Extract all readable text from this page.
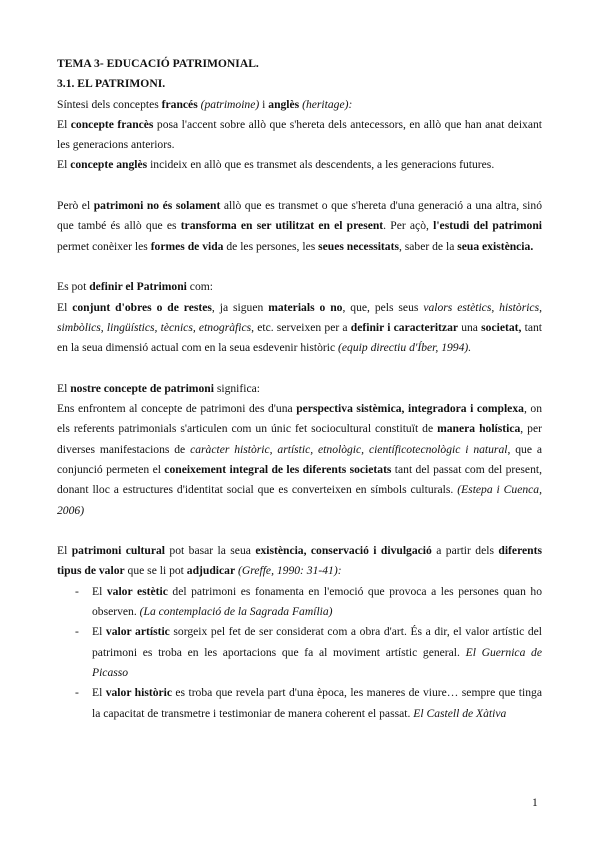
TEMA 3- EDUCACIÓ PATRIMONIAL.

3.1. EL PATRIMONI.

Síntesi dels conceptes francés (patrimoine) i anglès (heritage):

El concepte francès posa l'accent sobre allò que s'hereta dels antecessors, en allò que han anat deixant les generacions anteriors.

El concepte anglès incideix en allò que es transmet als descendents, a les generacions futures.

Però el patrimoni no és solament allò que es transmet o que s'hereta d'una generació a una altra, sinó que també és allò que es transforma en ser utilitzat en el present. Per açò, l'estudi del patrimoni permet conèixer les formes de vida de les persones, les seues necessitats, saber de la seua existència.

Es pot definir el Patrimoni com:

El conjunt d'obres o de restes, ja siguen materials o no, que, pels seus valors estètics, històrics, simbòlics, lingüístics, tècnics, etnogràfics, etc. serveixen per a definir i caracteritzar una societat, tant en la seua dimensió actual com en la seua esdevenir històric (equip directiu d'Íber, 1994).

El nostre concepte de patrimoni significa:

Ens enfrontem al concepte de patrimoni des d'una perspectiva sistèmica, integradora i complexa, on els referents patrimonials s'articulen com un únic fet sociocultural constituït de manera holística, per diverses manifestacions de caràcter històric, artístic, etnològic, científicotecnològic i natural, que a conjunció permeten el coneixement integral de les diferents societats tant del passat com del present, donant lloc a estructures d'identitat social que es converteixen en símbols culturals. (Estepa i Cuenca, 2006)

El patrimoni cultural pot basar la seua existència, conservació i divulgació a partir dels diferents tipus de valor que se li pot adjudicar (Greffe, 1990: 31-41):

- El valor estètic del patrimoni es fonamenta en l'emoció que provoca a les persones quan ho observen. (La contemplació de la Sagrada Família)
- El valor artístic sorgeix pel fet de ser considerat com a obra d'art. És a dir, el valor artístic del patrimoni es troba en les aportacions que fa al moviment artístic general. El Guernica de Picasso
- El valor històric es troba que revela part d'una època, les maneres de viure… sempre que tinga la capacitat de transmetre i testimoniar de manera coherent el passat. El Castell de Xàtiva
1
